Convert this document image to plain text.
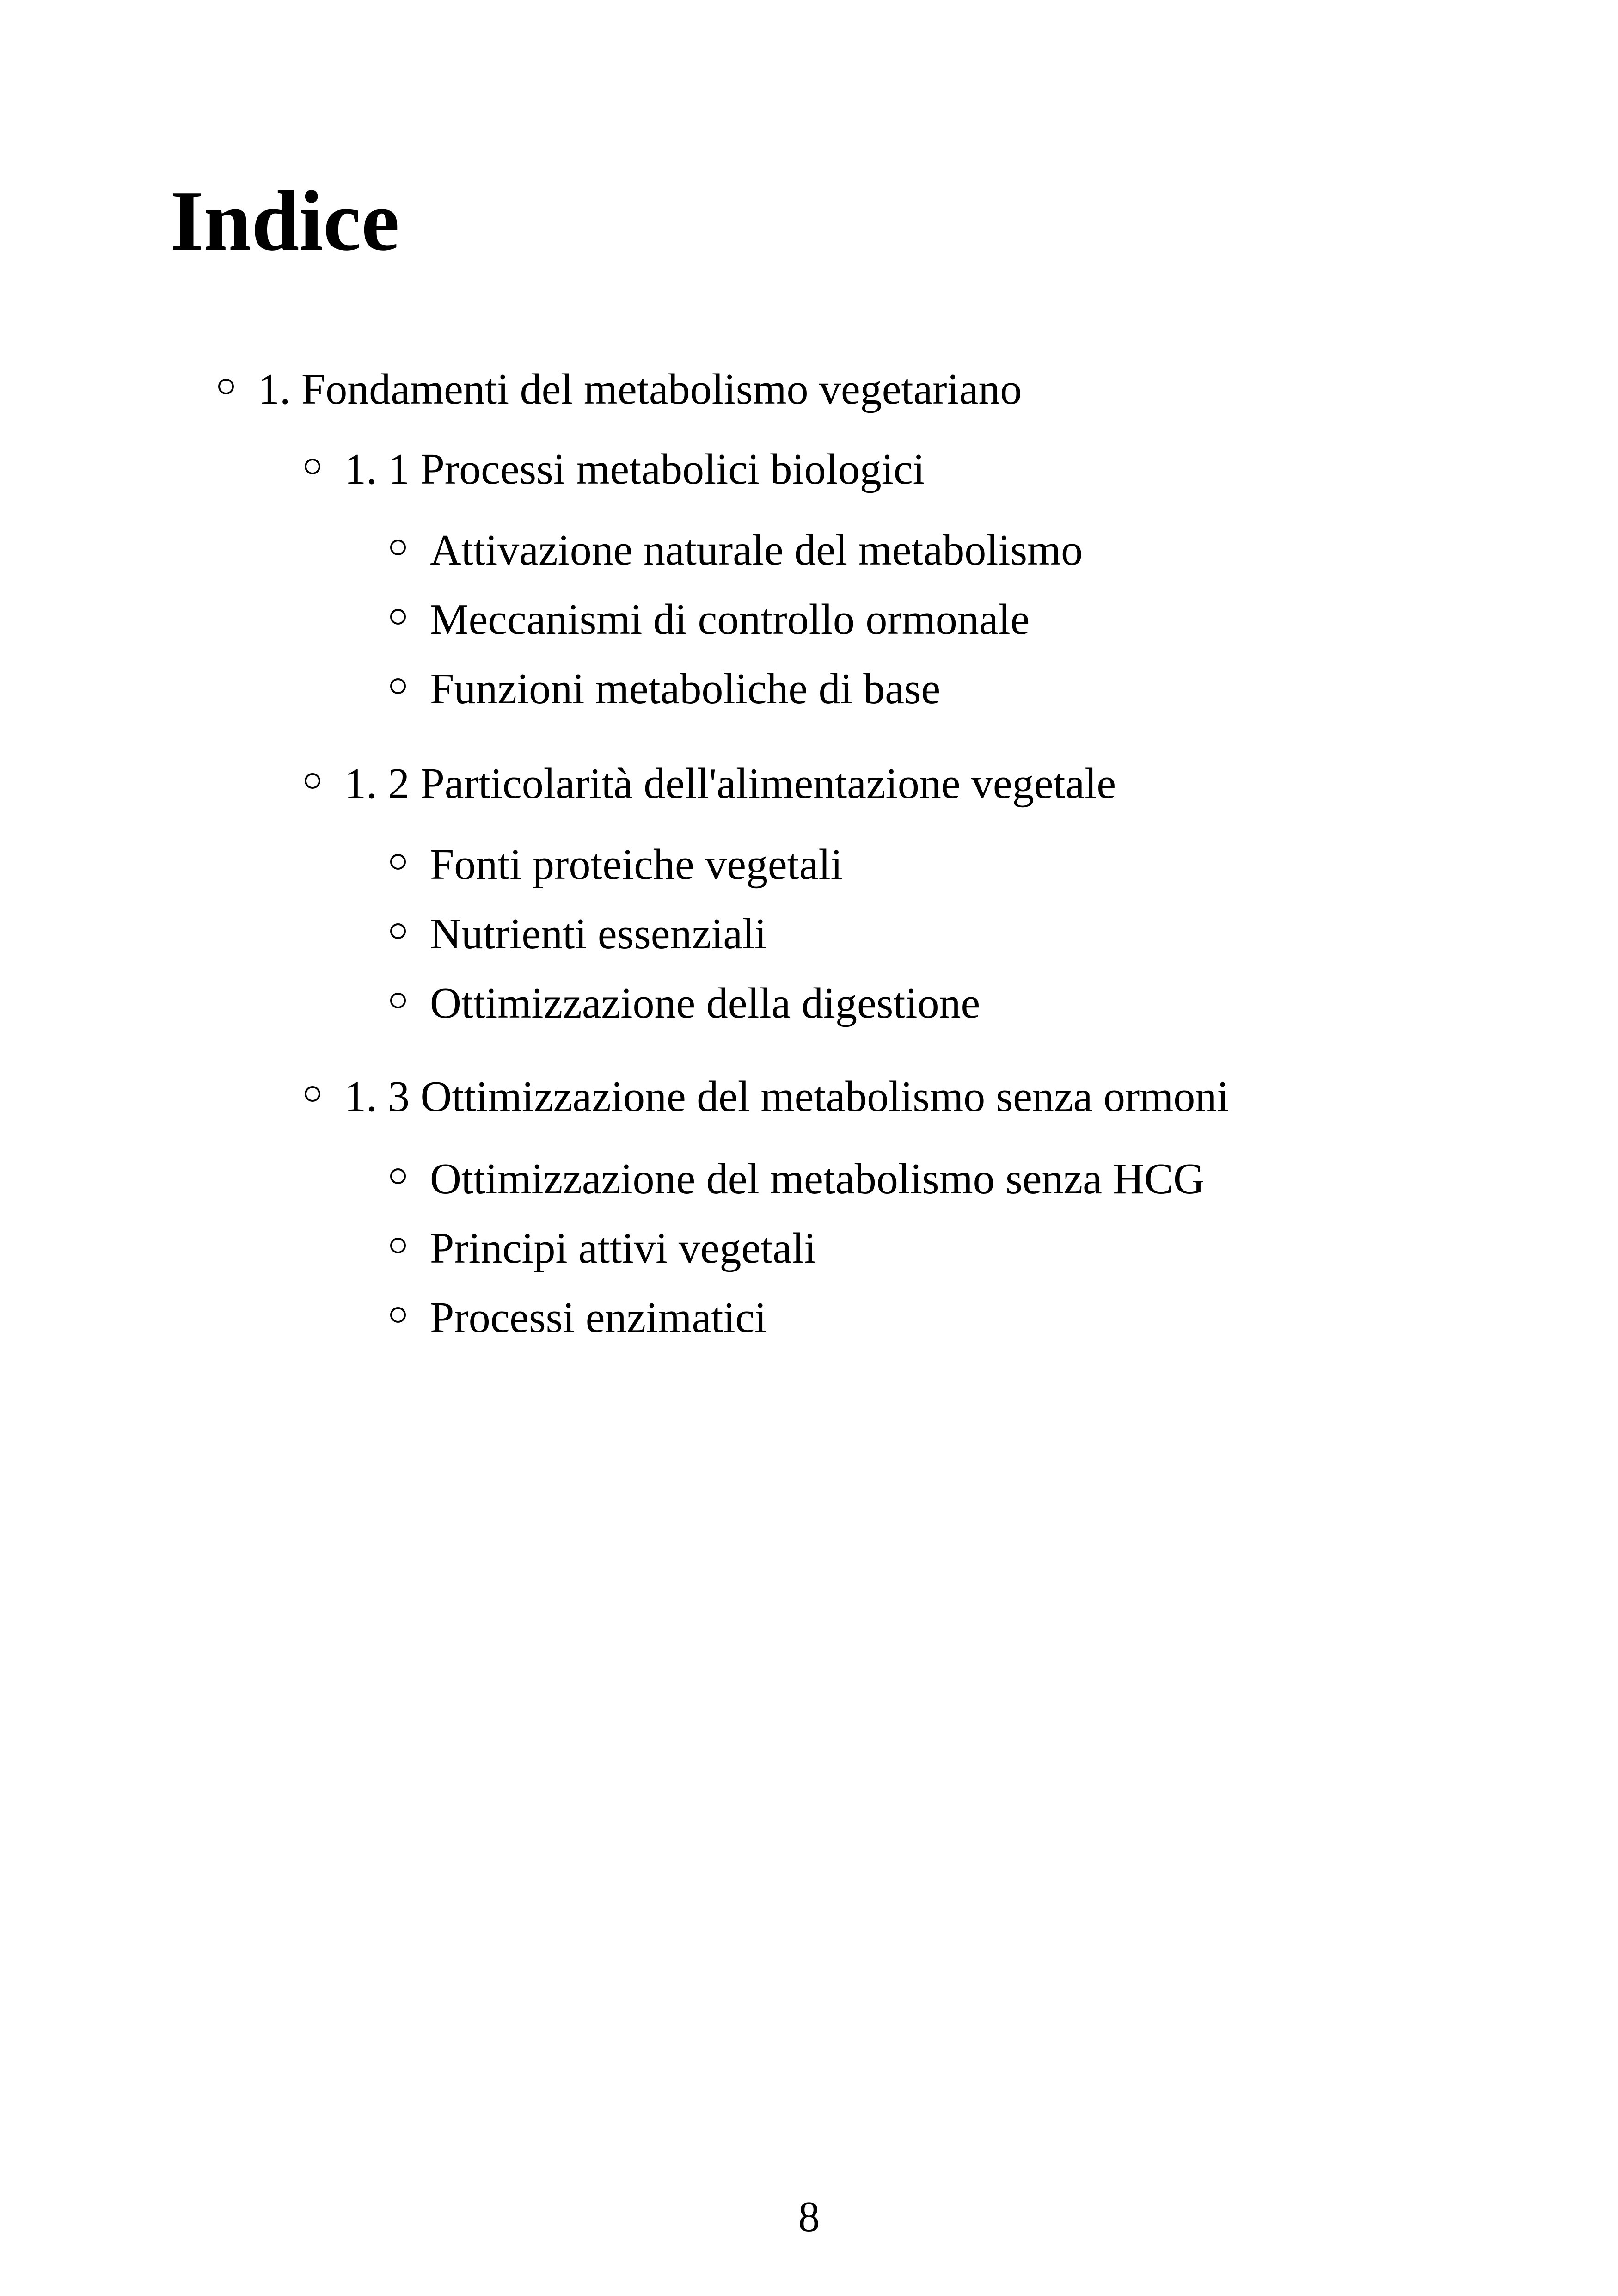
Indice
1. Fondamenti del metabolismo vegetariano
1. 1 Processi metabolici biologici
Attivazione naturale del metabolismo
Meccanismi di controllo ormonale
Funzioni metaboliche di base
1. 2 Particolarità dell'alimentazione vegetale
Fonti proteiche vegetali
Nutrienti essenziali
Ottimizzazione della digestione
1. 3 Ottimizzazione del metabolismo senza ormoni
Ottimizzazione del metabolismo senza HCG
Principi attivi vegetali
Processi enzimatici
8
